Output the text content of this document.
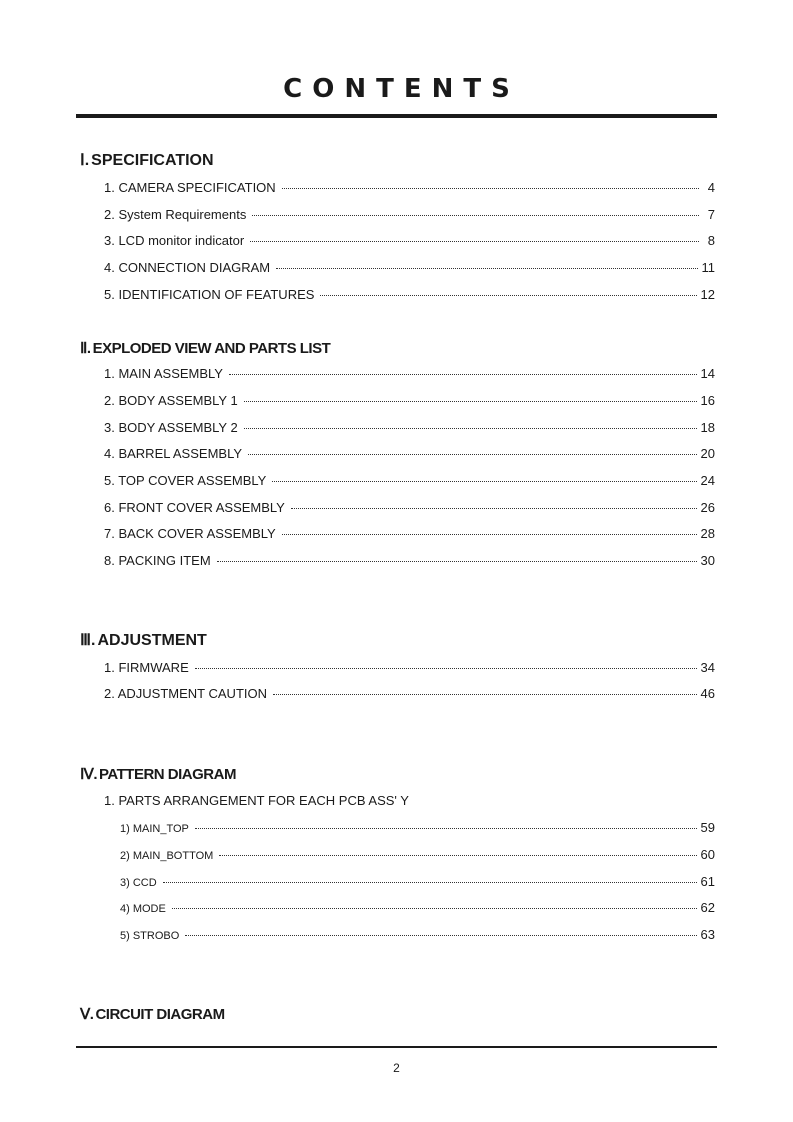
CONTENTS
Ⅰ. SPECIFICATION
1. CAMERA SPECIFICATION	4
2. System Requirements	7
3. LCD monitor indicator	8
4. CONNECTION DIAGRAM	11
5. IDENTIFICATION OF FEATURES	12
Ⅱ. EXPLODED VIEW AND PARTS LIST
1. MAIN ASSEMBLY	14
2. BODY ASSEMBLY 1	16
3. BODY ASSEMBLY 2	18
4. BARREL ASSEMBLY	20
5. TOP COVER ASSEMBLY	24
6. FRONT COVER ASSEMBLY	26
7. BACK COVER ASSEMBLY	28
8. PACKING ITEM	30
Ⅲ. ADJUSTMENT
1. FIRMWARE	34
2. ADJUSTMENT CAUTION	46
Ⅳ. PATTERN DIAGRAM
1. PARTS ARRANGEMENT FOR EACH PCB ASS' Y
1) MAIN_TOP	59
2) MAIN_BOTTOM	60
3) CCD	61
4) MODE	62
5) STROBO	63
Ⅴ. CIRCUIT DIAGRAM
2
